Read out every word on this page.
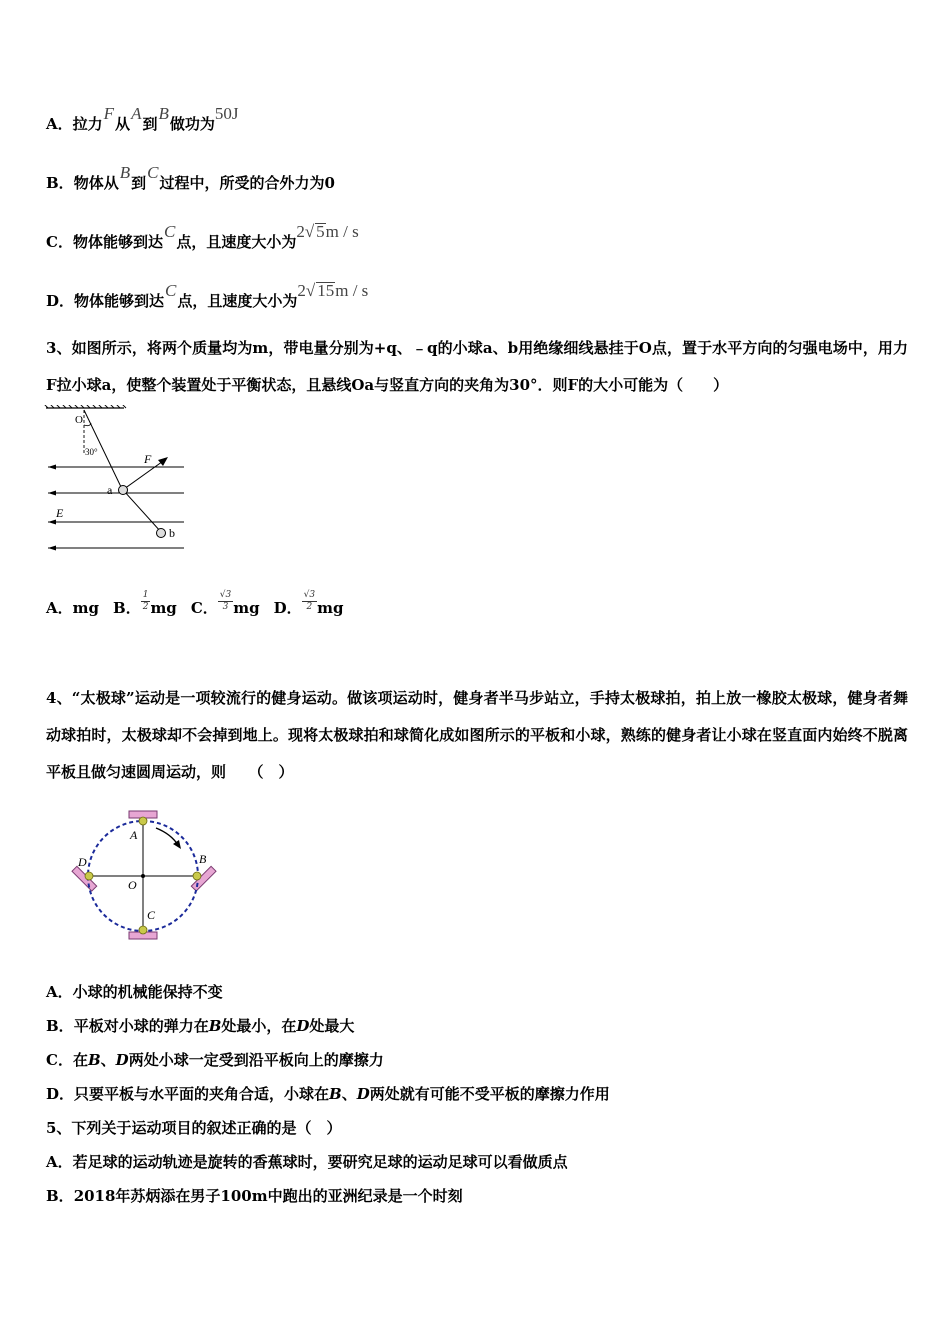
A．拉力F从A到B做功为50J
B．物体从B到C过程中，所受的合外力为0
C．物体能够到达C点，且速度大小为2√ 5m / s
D．物体能够到达C点，且速度大小为2√ 15m / s
3、如图所示，将两个质量均为m，带电量分别为+q、﹣q的小球a、b用绝缘细线悬挂于O点，置于水平方向的匀强电场中，用力F拉小球a，使整个装置处于平衡状态，且悬线Oa与竖直方向的夹角为30°．则F的大小可能为（　　）
O
30°	F
a
b
E
A．mg B． $\frac{1}{2}$ mg C． $\frac{√3}{3}$ mg D． $\frac{√3}{2}$ mg
4、“太极球”运动是一项较流行的健身运动。做该项运动时，健身者半马步站立，手持太极球拍，拍上放一橡胶太极球，健身者舞动球拍时，太极球却不会掉到地上。现将太极球拍和球简化成如图所示的平板和小球，熟练的健身者让小球在竖直面内始终不脱离平板且做匀速圆周运动，则　　（　）
A
B
C
D
O
A．小球的机械能保持不变
B．平板对小球的弹力在B处最小，在D处最大
C．在B、D两处小球一定受到沿平板向上的摩擦力
D．只要平板与水平面的夹角合适，小球在B、D两处就有可能不受平板的摩擦力作用
5、下列关于运动项目的叙述正确的是（　）
A．若足球的运动轨迹是旋转的香蕉球时，要研究足球的运动足球可以看做质点
B．2018年苏炳添在男子100m中跑出的亚洲纪录是一个时刻
